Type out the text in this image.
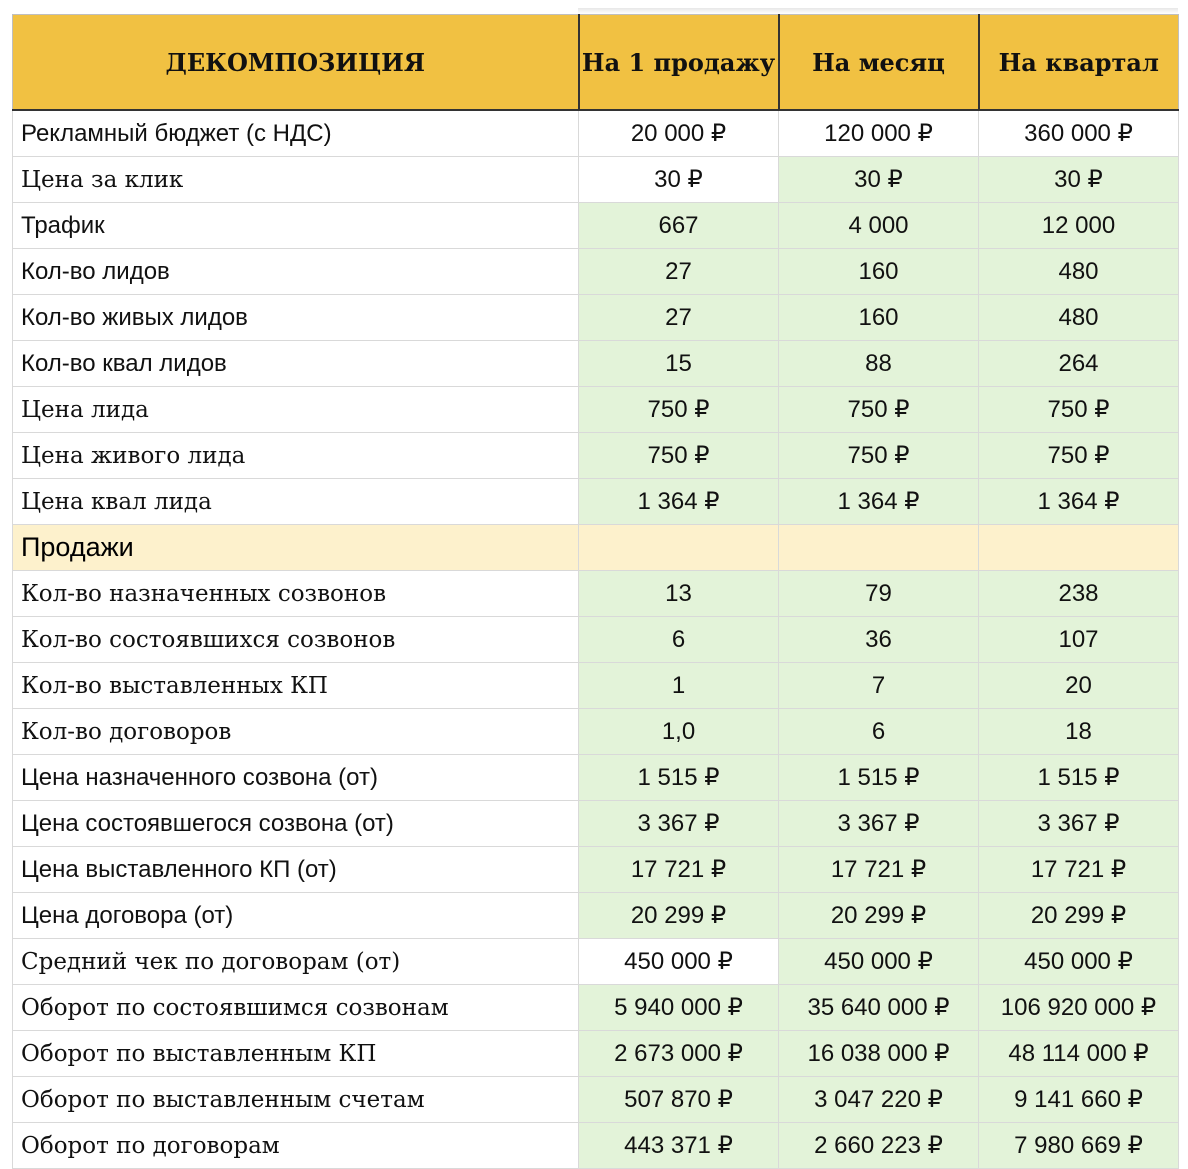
ДЕКОМПОЗИЦИЯ	На 1 продажу	На месяц	На квартал
Рекламный бюджет (с НДС)	20 000 ₽	120 000 ₽	360 000 ₽
Цена за клик	30 ₽	30 ₽	30 ₽
Трафик	667	4 000	12 000
Кол-во лидов	27	160	480
Кол-во живых лидов	27	160	480
Кол-во квал лидов	15	88	264
Цена лида	750 ₽	750 ₽	750 ₽
Цена живого лида	750 ₽	750 ₽	750 ₽
Цена квал лида	1 364 ₽	1 364 ₽	1 364 ₽
Продажи			
Кол-во назначенных созвонов	13	79	238
Кол-во состоявшихся созвонов	6	36	107
Кол-во выставленных КП	1	7	20
Кол-во договоров	1,0	6	18
Цена назначенного созвона (от)	1 515 ₽	1 515 ₽	1 515 ₽
Цена состоявшегося созвона (от)	3 367 ₽	3 367 ₽	3 367 ₽
Цена выставленного КП (от)	17 721 ₽	17 721 ₽	17 721 ₽
Цена договора (от)	20 299 ₽	20 299 ₽	20 299 ₽
Средний чек по договорам (от)	450 000 ₽	450 000 ₽	450 000 ₽
Оборот по состоявшимся созвонам	5 940 000 ₽	35 640 000 ₽	106 920 000 ₽
Оборот по выставленным КП	2 673 000 ₽	16 038 000 ₽	48 114 000 ₽
Оборот по выставленным счетам	507 870 ₽	3 047 220 ₽	9 141 660 ₽
Оборот по договорам	443 371 ₽	2 660 223 ₽	7 980 669 ₽
